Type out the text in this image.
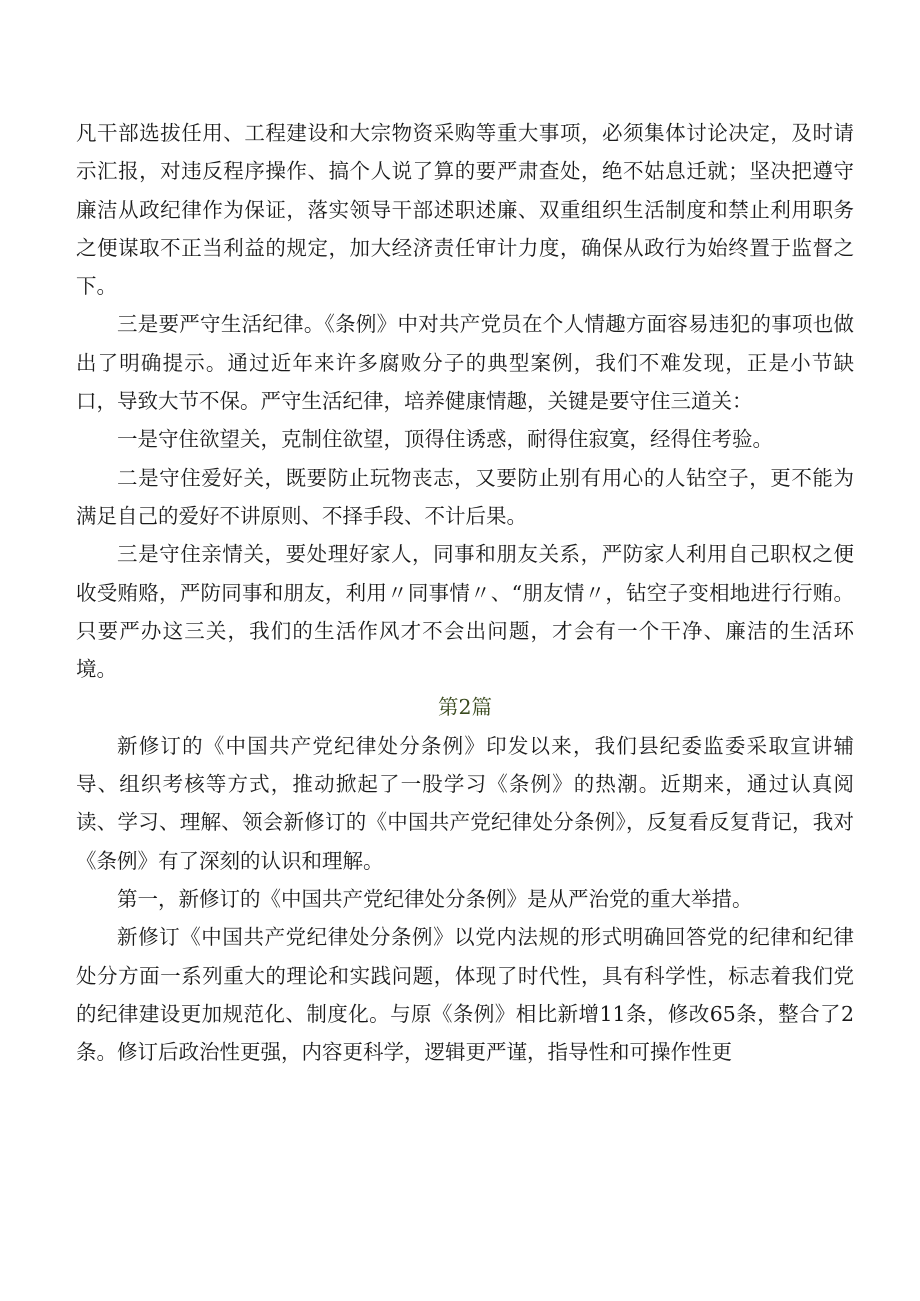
凡干部选拔任用、工程建设和大宗物资采购等重大事项，必须集体讨论决定，及时请示汇报，对违反程序操作、搞个人说了算的要严肃查处，绝不姑息迁就；坚决把遵守廉洁从政纪律作为保证，落实领导干部述职述廉、双重组织生活制度和禁止利用职务之便谋取不正当利益的规定，加大经济责任审计力度，确保从政行为始终置于监督之下。

三是要严守生活纪律。《条例》中对共产党员在个人情趣方面容易违犯的事项也做出了明确提示。通过近年来许多腐败分子的典型案例，我们不难发现，正是小节缺口，导致大节不保。严守生活纪律，培养健康情趣，关键是要守住三道关：

一是守住欲望关，克制住欲望，顶得住诱惑，耐得住寂寞，经得住考验。

二是守住爱好关，既要防止玩物丧志，又要防止别有用心的人钻空子，更不能为满足自己的爱好不讲原则、不择手段、不计后果。

三是守住亲情关，要处理好家人，同事和朋友关系，严防家人利用自己职权之便收受贿赂，严防同事和朋友，利用〃同事情〃、“朋友情〃，钻空子变相地进行行贿。只要严办这三关，我们的生活作风才不会出问题，才会有一个干净、廉洁的生活环境。

第2篇

新修订的《中国共产党纪律处分条例》印发以来，我们县纪委监委采取宣讲辅导、组织考核等方式，推动掀起了一股学习《条例》的热潮。近期来，通过认真阅读、学习、理解、领会新修订的《中国共产党纪律处分条例》，反复看反复背记，我对《条例》有了深刻的认识和理解。

第一，新修订的《中国共产党纪律处分条例》是从严治党的重大举措。

新修订《中国共产党纪律处分条例》以党内法规的形式明确回答党的纪律和纪律处分方面一系列重大的理论和实践问题，体现了时代性，具有科学性，标志着我们党的纪律建设更加规范化、制度化。与原《条例》相比新增11条，修改65条，整合了2条。修订后政治性更强，内容更科学，逻辑更严谨，指导性和可操作性更
